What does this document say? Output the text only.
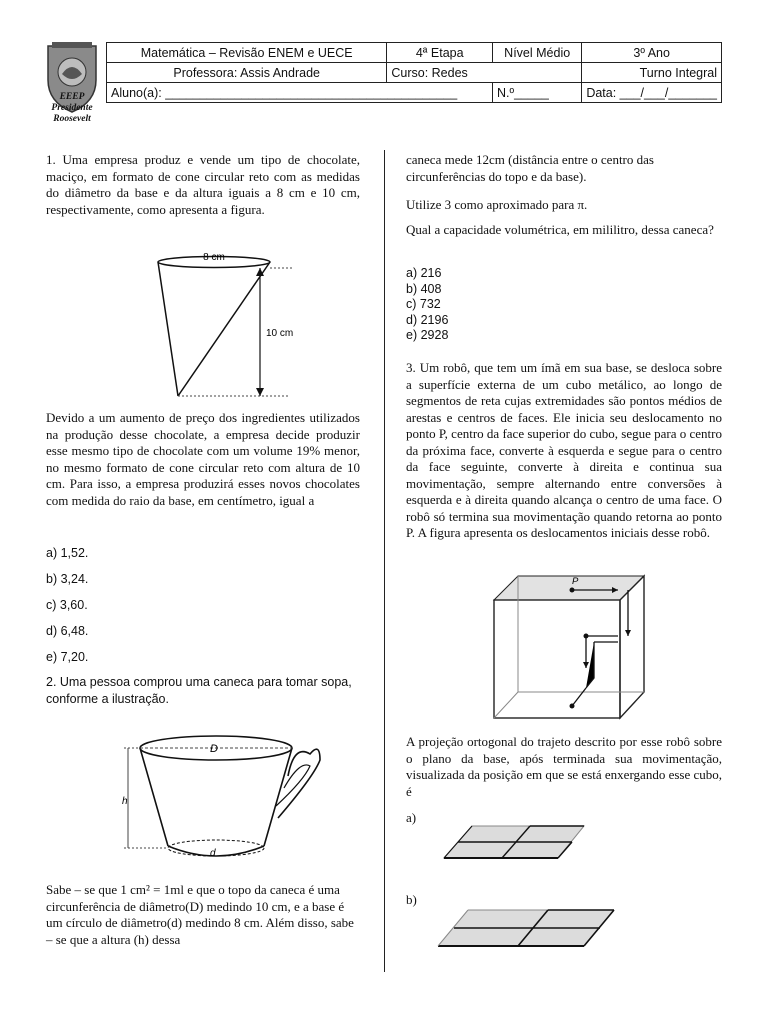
EEEP
Presidente
Roosevelt
Matemática – Revisão ENEM e UECE	4ª Etapa	Nível Médio	3º Ano
Professora: Assis Andrade	Curso: Redes		Turno Integral
Aluno(a): __________________________________________		N.º_____	Data: ___/___/_______

1. Uma empresa produz e vende um tipo de chocolate, maciço, em formato de cone circular reto com as medidas do diâmetro da base e da altura iguais a 8 cm e 10 cm, respectivamente, como apresenta a figura.

8 cm
10 cm

Devido a um aumento de preço dos ingredientes utilizados na produção desse chocolate, a empresa decide produzir esse mesmo tipo de chocolate com um volume 19% menor, no mesmo formato de cone circular reto com altura de 10 cm. Para isso, a empresa produzirá esses novos chocolates com medida do raio da base, em centímetro, igual a

a) 1,52.
b) 3,24.
c) 3,60.
d) 6,48.
e) 7,20.

2. Uma pessoa comprou uma caneca para tomar sopa, conforme a ilustração.

D
h
d

Sabe – se que 1 cm² = 1ml e que o topo da caneca é uma circunferência de diâmetro(D) medindo 10 cm, e a base é um círculo de diâmetro(d) medindo 8 cm. Além disso, sabe – se que a altura (h) dessa

caneca mede 12cm (distância entre o centro das circunferências do topo e da base).

Utilize 3 como aproximado para π.

Qual a capacidade volumétrica, em mililitro, dessa caneca?

a) 216
b) 408
c) 732
d) 2196
e) 2928

3. Um robô, que tem um ímã em sua base, se desloca sobre a superfície externa de um cubo metálico, ao longo de segmentos de reta cujas extremidades são pontos médios de arestas e centros de faces. Ele inicia seu deslocamento no ponto P, centro da face superior do cubo, segue para o centro da próxima face, converte à esquerda e segue para o centro da face seguinte, converte à direita e continua sua movimentação, sempre alternando entre conversões à esquerda e à direita quando alcança o centro de uma face. O robô só termina sua movimentação quando retorna ao ponto P. A figura apresenta os deslocamentos iniciais desse robô.

P

A projeção ortogonal do trajeto descrito por esse robô sobre o plano da base, após terminada sua movimentação, visualizada da posição em que se está enxergando esse cubo, é

a)
b)
